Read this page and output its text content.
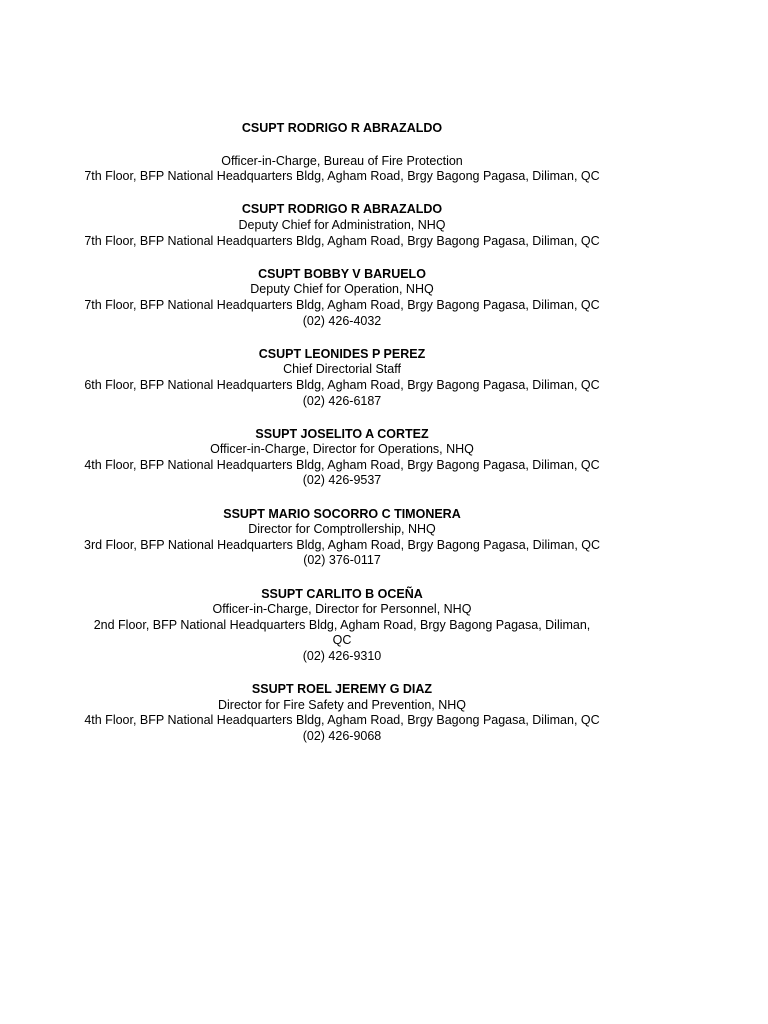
CSUPT RODRIGO R ABRAZALDO
Officer-in-Charge, Bureau of Fire Protection
7th Floor, BFP National Headquarters Bldg, Agham Road, Brgy Bagong Pagasa, Diliman, QC
CSUPT RODRIGO R ABRAZALDO
Deputy Chief for Administration, NHQ
7th Floor, BFP National Headquarters Bldg, Agham Road, Brgy Bagong Pagasa, Diliman, QC
CSUPT BOBBY V BARUELO
Deputy Chief for Operation, NHQ
7th Floor, BFP National Headquarters Bldg, Agham Road, Brgy Bagong Pagasa, Diliman, QC
(02) 426-4032
CSUPT LEONIDES P PEREZ
Chief Directorial Staff
6th Floor, BFP National Headquarters Bldg, Agham Road, Brgy Bagong Pagasa, Diliman, QC
(02) 426-6187
SSUPT JOSELITO A CORTEZ
Officer-in-Charge, Director for Operations, NHQ
4th Floor, BFP National Headquarters Bldg, Agham Road, Brgy Bagong Pagasa, Diliman, QC
(02) 426-9537
SSUPT MARIO SOCORRO C TIMONERA
Director for Comptrollership, NHQ
3rd Floor, BFP National Headquarters Bldg, Agham Road, Brgy Bagong Pagasa, Diliman, QC
(02) 376-0117
SSUPT CARLITO B OCEÑA
Officer-in-Charge, Director for Personnel, NHQ
2nd Floor, BFP National Headquarters Bldg, Agham Road, Brgy Bagong Pagasa, Diliman, QC
(02) 426-9310
SSUPT ROEL JEREMY G DIAZ
Director for Fire Safety and Prevention, NHQ
4th Floor, BFP National Headquarters Bldg, Agham Road, Brgy Bagong Pagasa, Diliman, QC
(02) 426-9068
